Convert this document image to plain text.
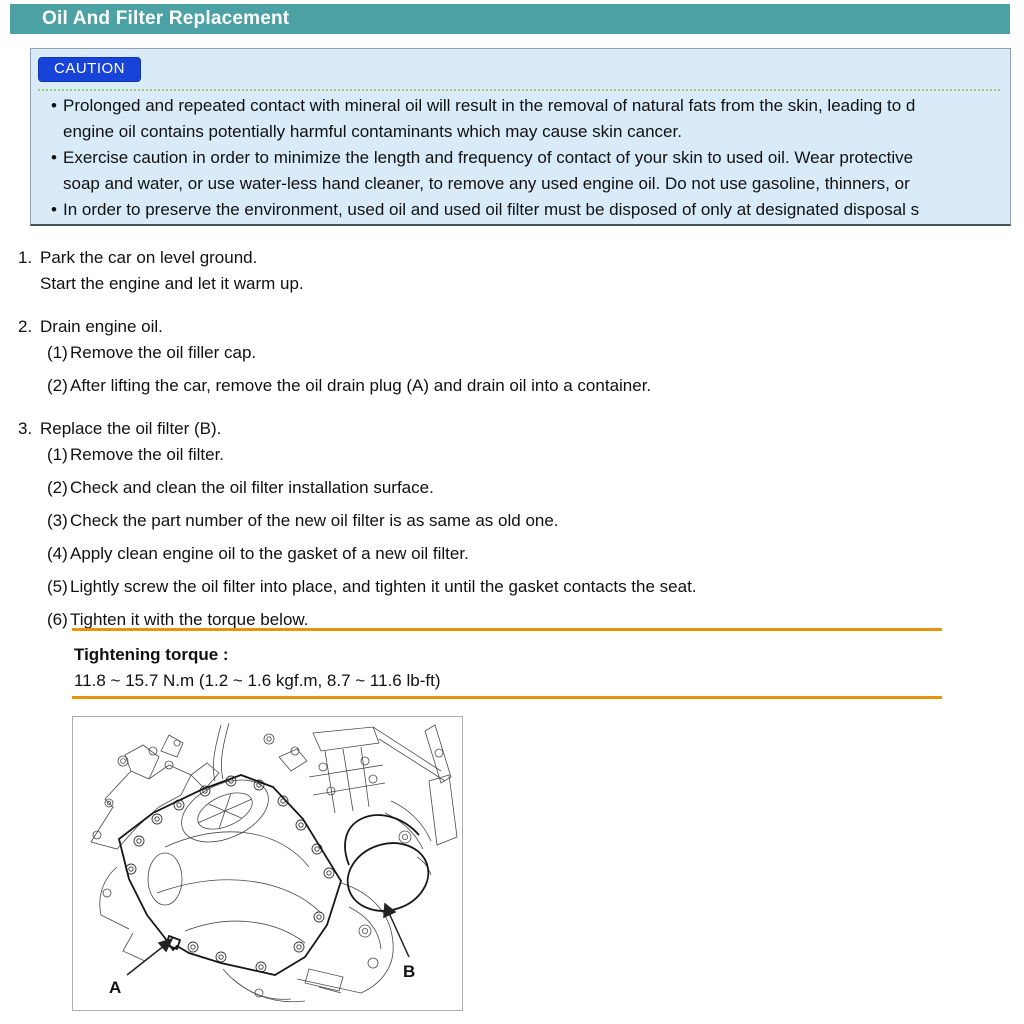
Oil And Filter Replacement
CAUTION
• Prolonged and repeated contact with mineral oil will result in the removal of natural fats from the skin, leading to d
engine oil contains potentially harmful contaminants which may cause skin cancer.
• Exercise caution in order to minimize the length and frequency of contact of your skin to used oil. Wear protective
soap and water, or use water-less hand cleaner, to remove any used engine oil. Do not use gasoline, thinners, or
• In order to preserve the environment, used oil and used oil filter must be disposed of only at designated disposal s
1. Park the car on level ground.
Start the engine and let it warm up.
2. Drain engine oil.
(1) Remove the oil filler cap.
(2) After lifting the car, remove the oil drain plug (A) and drain oil into a container.
3. Replace the oil filter (B).
(1) Remove the oil filter.
(2) Check and clean the oil filter installation surface.
(3) Check the part number of the new oil filter is as same as old one.
(4) Apply clean engine oil to the gasket of a new oil filter.
(5) Lightly screw the oil filter into place, and tighten it until the gasket contacts the seat.
(6) Tighten it with the torque below.
Tightening torque :
11.8 ~ 15.7 N.m (1.2 ~ 1.6 kgf.m, 8.7 ~ 11.6 lb-ft)
A
B
